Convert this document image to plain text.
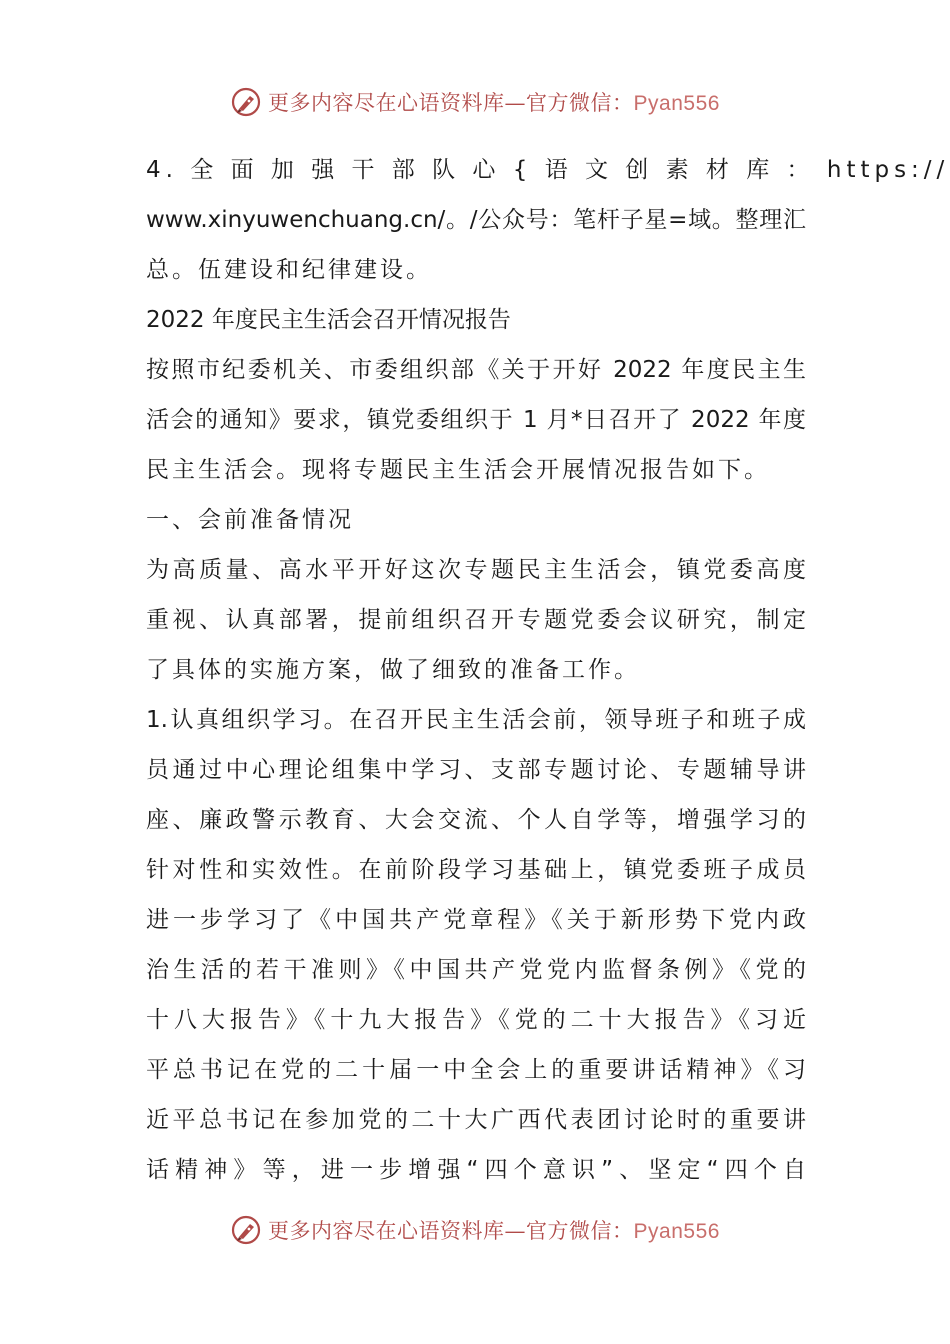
更多内容尽在心语资料库—官方微信：Pyan556
4. 全 面 加 强 干 部 队 心 { 语 文 创 素 材 库 ： https://
www.xinyuwenchuang.cn/。/公众号：笔杆子星=域。整理汇
总。伍建设和纪律建设。
2022 年度民主生活会召开情况报告
按照市纪委机关、市委组织部《关于开好 2022 年度民主生
活会的通知》要求，镇党委组织于 1 月*日召开了 2022 年度
民主生活会。现将专题民主生活会开展情况报告如下。
一、会前准备情况
为高质量、高水平开好这次专题民主生活会，镇党委高度
重视、认真部署，提前组织召开专题党委会议研究，制定
了具体的实施方案，做了细致的准备工作。
1.认真组织学习。在召开民主生活会前，领导班子和班子成
员通过中心理论组集中学习、支部专题讨论、专题辅导讲
座、廉政警示教育、大会交流、个人自学等，增强学习的
针对性和实效性。在前阶段学习基础上，镇党委班子成员
进一步学习了《中国共产党章程》《关于新形势下党内政
治生活的若干准则》《中国共产党党内监督条例》《党的
十八大报告》《十九大报告》《党的二十大报告》《习近
平总书记在党的二十届一中全会上的重要讲话精神》《习
近平总书记在参加党的二十大广西代表团讨论时的重要讲
话精神》等，进一步增强“四个意识”、坚定“四个自
更多内容尽在心语资料库—官方微信：Pyan556
